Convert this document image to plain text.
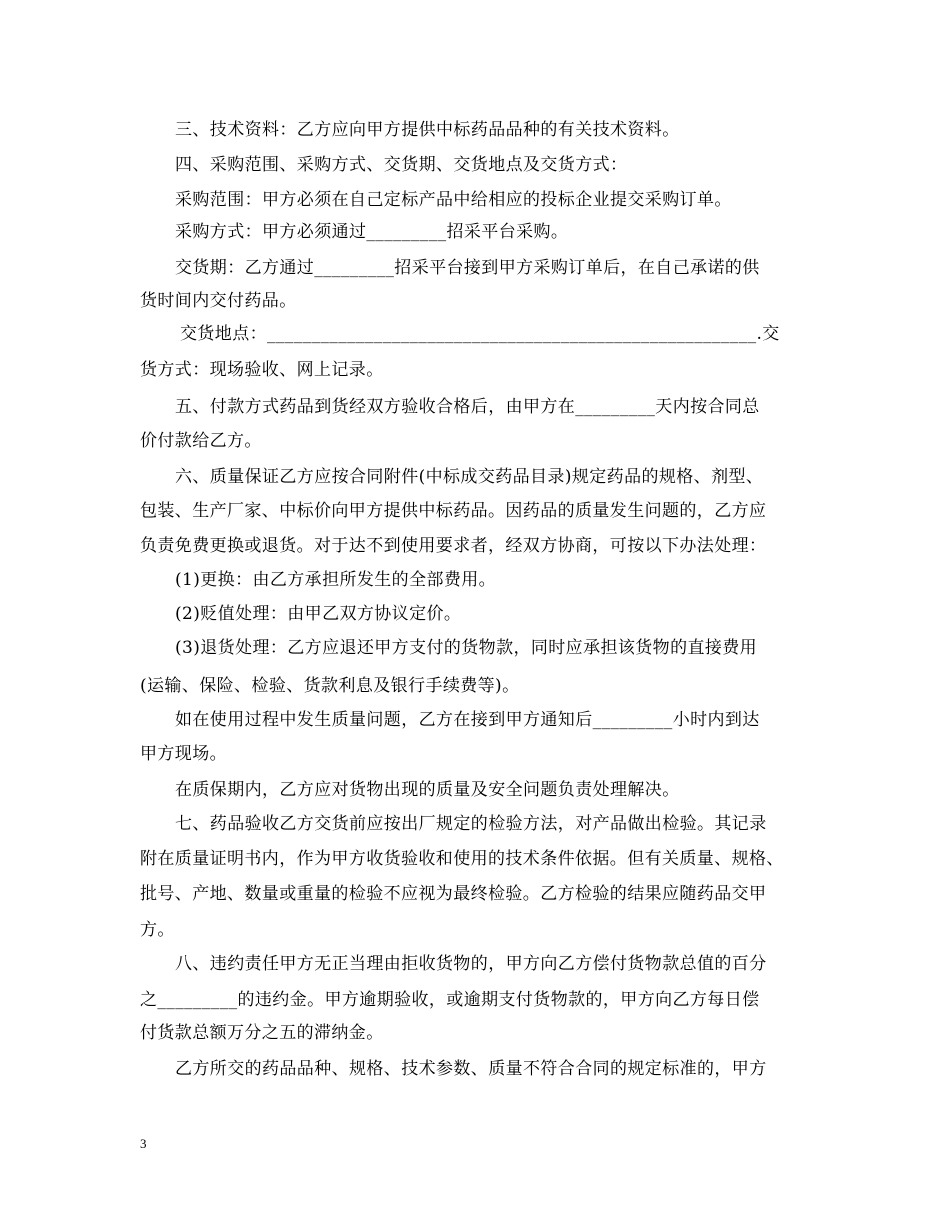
三、技术资料：乙方应向甲方提供中标药品品种的有关技术资料。
四、采购范围、采购方式、交货期、交货地点及交货方式：
采购范围：甲方必须在自己定标产品中给相应的投标企业提交采购订单。
采购方式：甲方必须通过_________招采平台采购。
交货期：乙方通过_________招采平台接到甲方采购订单后，在自己承诺的供
货时间内交付药品。
交货地点：_______________________________________________________.交
货方式：现场验收、网上记录。
五、付款方式药品到货经双方验收合格后，由甲方在_________天内按合同总
价付款给乙方。
六、质量保证乙方应按合同附件(中标成交药品目录)规定药品的规格、剂型、
包装、生产厂家、中标价向甲方提供中标药品。因药品的质量发生问题的，乙方应
负责免费更换或退货。对于达不到使用要求者，经双方协商，可按以下办法处理：
(1)更换：由乙方承担所发生的全部费用。
(2)贬值处理：由甲乙双方协议定价。
(3)退货处理：乙方应退还甲方支付的货物款，同时应承担该货物的直接费用
(运输、保险、检验、货款利息及银行手续费等)。
如在使用过程中发生质量问题，乙方在接到甲方通知后_________小时内到达
甲方现场。
在质保期内，乙方应对货物出现的质量及安全问题负责处理解决。
七、药品验收乙方交货前应按出厂规定的检验方法，对产品做出检验。其记录
附在质量证明书内，作为甲方收货验收和使用的技术条件依据。但有关质量、规格、
批号、产地、数量或重量的检验不应视为最终检验。乙方检验的结果应随药品交甲
方。
八、违约责任甲方无正当理由拒收货物的，甲方向乙方偿付货物款总值的百分
之_________的违约金。甲方逾期验收，或逾期支付货物款的，甲方向乙方每日偿
付货款总额万分之五的滞纳金。
乙方所交的药品品种、规格、技术参数、质量不符合合同的规定标准的，甲方
3
